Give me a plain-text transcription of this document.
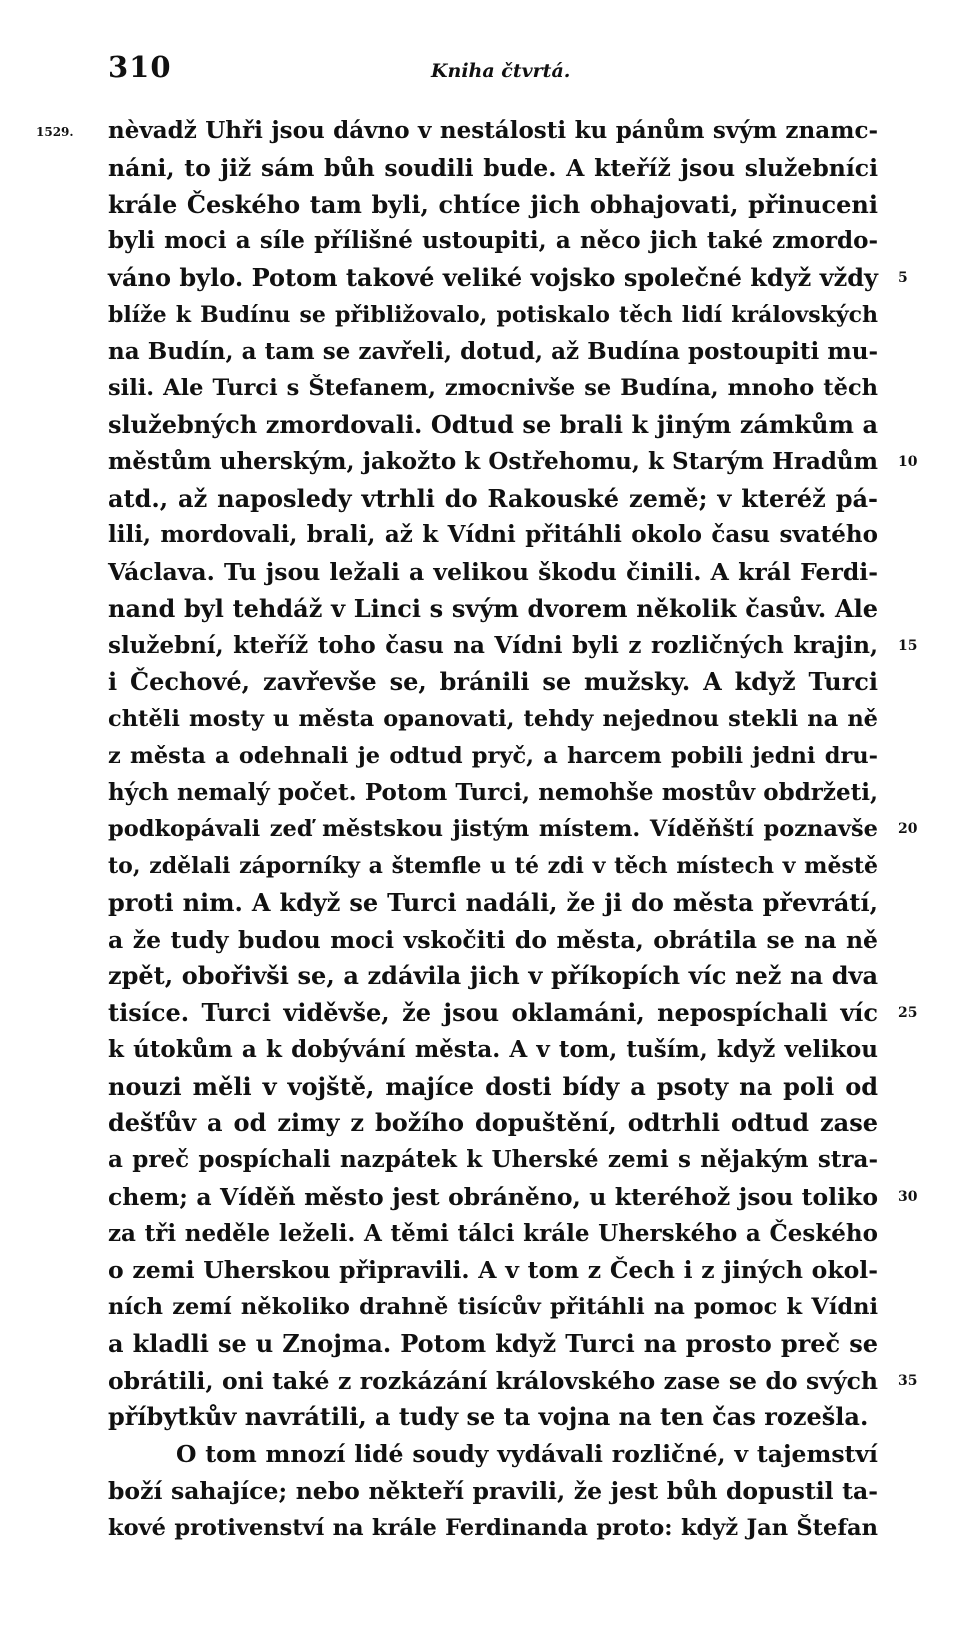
310	Kniha čtvrtá.
1529. nèvadž Uhři jsou dávno v nestálosti ku pánům svým znamc-
náni, to již sám bůh soudili bude. A kteříž jsou služebníci
krále Českého tam byli, chtíce jich obhajovati, přinuceni
byli moci a síle přílišné ustoupiti, a něco jich také zmordo-
váno bylo. Potom takové veliké vojsko společné když vždy
blíže k Budínu se přibližovalo, potiskalo těch lidí královských
na Budín, a tam se zavřeli, dotud, až Budína postoupiti mu-
sili. Ale Turci s Štefanem, zmocnivše se Budína, mnoho těch
služebných zmordovali. Odtud se brali k jiným zámkům a
městům uherským, jakožto k Ostřehomu, k Starým Hradům
atd., až naposledy vtrhli do Rakouské země; v kteréž pá-
lili, mordovali, brali, až k Vídni přitáhli okolo času svatého
Václava. Tu jsou ležali a velikou škodu činili. A král Ferdi-
nand byl tehdáž v Linci s svým dvorem několik časův. Ale
služební, kteříž toho času na Vídni byli z rozličných krajin,
i Čechové, zavřevše se, bránili se mužsky. A když Turci
chtěli mosty u města opanovati, tehdy nejednou stekli na ně
z města a odehnali je odtud pryč, a harcem pobili jedni dru-
hých nemalý počet. Potom Turci, nemohše mostův obdržeti,
podkopávali zeď městskou jistým místem. Víděňští poznavše
to, zdělali záporníky a štemfle u té zdi v těch místech v městě
proti nim. A když se Turci nadáli, že ji do města převrátí,
a že tudy budou moci vskočiti do města, obrátila se na ně
zpět, obořivši se, a zdávila jich v příkopích víc než na dva
tisíce. Turci viděvše, že jsou oklamáni, nepospíchali víc
k útokům a k dobývání města. A v tom, tuším, když velikou
nouzi měli v vojště, majíce dosti bídy a psoty na poli od
dešťův a od zimy z božího dopuštění, odtrhli odtud zase
a preč pospíchali nazpátek k Uherské zemi s nějakým stra-
chem; a Víděň město jest obráněno, u kteréhož jsou toliko
za tři neděle leželi. A těmi tálci krále Uherského a Českého
o zemi Uherskou připravili. A v tom z Čech i z jiných okol-
ních zemí několiko drahně tisícův přitáhli na pomoc k Vídni
a kladli se u Znojma. Potom když Turci na prosto preč se
obrátili, oni také z rozkázání královského zase se do svých
příbytkův navrátili, a tudy se ta vojna na ten čas rozešla.
O tom mnozí lidé soudy vydávali rozličné, v tajemství
boží sahajíce; nebo někteří pravili, že jest bůh dopustil ta-
kové protivenství na krále Ferdinanda proto: když Jan Štefan
5
10
15
20
25
30
35
